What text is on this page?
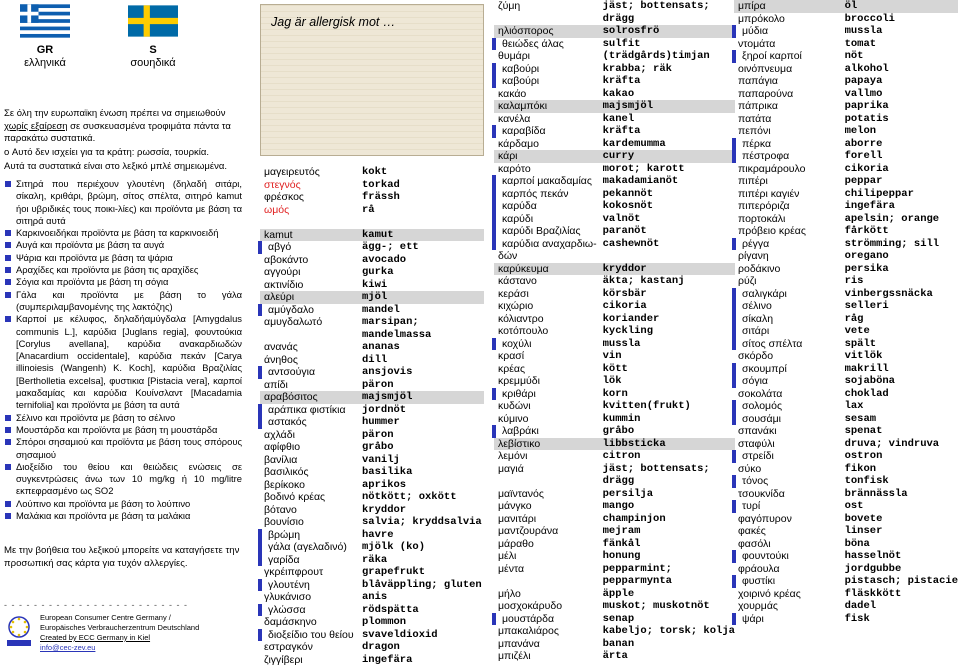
GR
ελληνικά
S
σουηδικά
Σε όλη την ευρωπαϊκη ένωση πρέπει να σημειωθούν χωρίς εξαίρεση σε συσκευασμένα τροφιμάτα πάντα τα παρακάτω συστατικά.
o Αυτό δεν ισχείει για τα κράτη: ρωσσία, τουρκία.
Αυτά τα συστατικά είναι στο λεξικό μπλέ σημειωμένα.
Σιτηρά που περιέχουν γλουτένη (δηλαδή σιτάρι, σίκαλη, κριθάρι, βρώμη, σίτος σπέλτα, σιτηρό kamut ήoι υβριδικές τους ποικι-λίες) και προϊόντα με βάση τα σιτηρά αυτά
Καρκινοειδήκαι προϊόντα με βάση τα καρκινοειδή
Αυγά και προϊόντα με βάση τα αυγά
Ψάρια και προϊόντα με βάση τα ψάρια
Αραχίδες και προϊόντα με βάση τις αραχίδες
Σόγια και προϊόντα με βάση τη σόγια
Γάλα και προϊόντα με βάση το γάλα (συμπεριλαμβανομένης της λακτόζης)
Καρποί με κέλυφος, δηλαδήαμύγδαλα [Amygdalus communis L.], καρύδια [Juglans regia], φουντούκια [Corylus avellana], καρύδια ανακαρδιωδών [Anacardium occidentale], καρύδια πεκάν [Carya illinoiesis (Wangenh) K. Koch], καρύδια Βραζιλίας [Bertholletia excelsa], φυστικια [Pistacia vera], καρποί μακαδαμίας και καρύδια Κουίνσλαντ [Macadamia ternifolia] και προϊόντα με βάση τα αυτά
Σέλινο και προϊόντα με βάση το σέλινο
Μουστάρδα και προϊόντα με βάση τη μουστάρδα
Σπόροι σησαμιού και προϊόντα με βάση τους σπόρους σησαμιού
Διοξείδιο του θείου και θειώδεις ενώσεις σε συγκεντρώσεις άνω των 10 mg/kg ή 10 mg/litre εκπεφρασμένο ως SO2
Λούπινο και προϊόντα με βάση το λούπινο
Μαλάκια και προϊόντα με βάση τα μαλάκια
Με την βοήθεια του λεξικού μπορείτε να καταγήσετε την προσωπική σας κάρτα για τυχόν αλλεργίες.
- - - - - - - - - - - - - - - - - - - - - - - - -
European Consumer Centre Germany /
Europäisches Verbraucherzentrum Deutschland
Created by ECC Germany in Kiel
info@cec-zev.eu
Jag är allergisk mot …
μαγειρευτός	kokt
στεγνός	torkad
φρέσκος	frässh
ωμός	rå

kamut	kamut
αβγό	ägg-; ett
αβοκάντο	avocado
αγγούρι	gurka
ακτινίδιο	kiwi
αλεύρι	mjöl
αμύγδαλο	mandel
αμυγδαλωτό	marsipan;
	mandelmassa
ανανάς	ananas
άνηθος	dill
αντσούγια	ansjovis
απίδι	päron
αραβόσιτος	majsmjöl
αράπικα φιστίκια	jordnöt
αστακός	hummer
αχλάδι	päron
αφίφθιο	gråbo
βανίλια	vanilj
βασιλικός	basilika
βερίκοκο	aprikos
βοδινό κρέας	nötkött; oxkött
βότανο	kryddor
βουνίσιο	salvia; kryddsalvia
βρώμη	havre
γάλα (αγελαδινό)	mjölk (ko)
γαρίδα	räka
γκρέιπφρουτ	grapefrukt
γλουτένη	blåväppling; gluten
γλυκάνισο	anis
γλώσσα	rödspätta
δαμάσκηνο	plommon
διοξείδιο του θείου	svaveldioxid
εστραγκόν	dragon
ζιγγίβερι	ingefära
ζύμη	jäst; bottensats;
	drägg
ηλιόσπορος	solrosfrö
θειώδες άλας	sulfit
θυμάρι	(trädgårds)timjan
καβούρι	krabba; räk
καβούρι	kräfta
κακάο	kakao
καλαμπόκι	majsmjöl
κανέλα	kanel
καραβίδα	kräfta
κάρδαμο	kardemumma
κάρι	curry
καρότο	morot; karott
καρποί μακαδαμίας	makadamianöt
καρπός πεκάν	pekannöt
καρύδα	kokosnöt
καρύδι	valnöt
καρύδι Βραζιλίας	paranöt
καρύδια αναχαρδιω-	cashewnöt
δών	
καρύκευμα	kryddor
κάστανο	äkta; kastanj
κεράσι	körsbär
κιχώριο	cikoria
κόλιαντρο	koriander
κοτόπουλο	kyckling
κοχύλι	mussla
κρασί	vin
κρέας	kött
κρεμμύδι	lök
κριθάρι	korn
κυδώνι	kvitten(frukt)
κύμινο	kummin
λαβράκι	gråbo
λεβίστικο	libbsticka
λεμόνι	citron
μαγιά	jäst; bottensats;
	drägg
μαϊντανός	persilja
μάνγκο	mango
μανιτάρι	champinjon
μαντζουράνα	mejram
μάραθο	fänkål
μέλι	honung
μέντα	pepparmint;
	pepparmynta
μήλο	äpple
μοσχοκάρυδο	muskot; muskotnöt
μουστάρδα	senap
μπακαλιάρος	kabeljo; torsk; kolja
μπανάνα	banan
μπιζέλι	ärta
μπίρα	öl
μπρόκολο	broccoli
μύδια	mussla
ντομάτα	tomat
ξηροί καρποί	nöt
οινόπνευμα	alkohol
παπάγια	papaya
παπαρούνα	vallmo
πάπρικα	paprika
πατάτα	potatis
πεπόνι	melon
πέρκα	aborre
πέστροφα	forell
πικραμάρουλο	cikoria
πιπέρι	peppar
πιπέρι καγιέν	chilipeppar
πιπερόριζα	ingefära
πορτοκάλι	apelsin; orange
πρόβειο κρέας	fårkött
ρέγγα	strömming; sill
ρίγανη	oregano
ροδάκινο	persika
ρύζι	ris
σαλιγκάρι	vinbergssnäcka
σέλινο	selleri
σίκαλη	råg
σιτάρι	vete
σίτος σπέλτα	spält
σκόρδο	vitlök
σκουμπρί	makrill
σόγια	sojaböna
σοκολάτα	choklad
σολομός	lax
σουσάμι	sesam
σπανάκι	spenat
σταφύλι	druva; vindruva
στρείδι	ostron
σύκο	fikon
τόνος	tonfisk
τσουκνίδα	brännässla
τυρί	ost
φαγόπυρον	bovete
φακές	linser
φασόλι	böna
φουντούκι	hasselnöt
φράουλα	jordgubbe
φυστίκι	pistasch; pistacie
χοιρινό κρέας	fläskkött
χουρμάς	dadel
ψάρι	fisk
